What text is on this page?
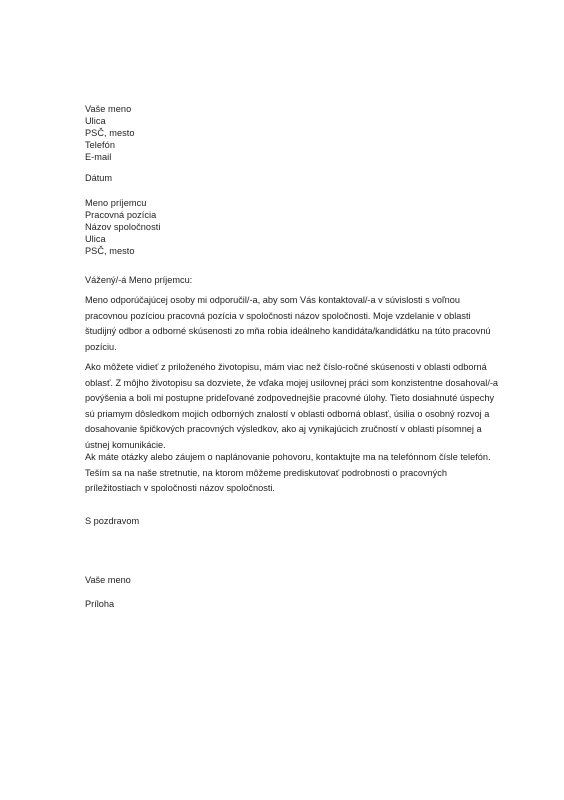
Vaše meno
Ulica
PSČ, mesto
Telefón
E-mail
Dátum
Meno príjemcu
Pracovná pozícia
Názov spoločnosti
Ulica
PSČ, mesto
Vážený/-á Meno príjemcu:
Meno odporúčajúcej osoby mi odporučil/-a, aby som Vás kontaktoval/-a v súvislosti s voľnou
pracovnou pozíciou pracovná pozícia v spoločnosti názov spoločnosti. Moje vzdelanie v oblasti
študijný odbor a odborné skúsenosti zo mňa robia ideálneho kandidáta/kandidátku na túto pracovnú
pozíciu.
Ako môžete vidieť z priloženého životopisu, mám viac než číslo-ročné skúsenosti v oblasti odborná
oblasť. Z môjho životopisu sa dozviete, že vďaka mojej usilovnej práci som konzistentne dosahoval/-a
povýšenia a boli mi postupne prideľované zodpovednejšie pracovné úlohy. Tieto dosiahnuté úspechy
sú priamym dôsledkom mojich odborných znalostí v oblasti odborná oblasť, úsilia o osobný rozvoj a
dosahovanie špičkových pracovných výsledkov, ako aj vynikajúcich zručností v oblasti písomnej a
ústnej komunikácie.
Ak máte otázky alebo záujem o naplánovanie pohovoru, kontaktujte ma na telefónnom čísle telefón.
Teším sa na naše stretnutie, na ktorom môžeme prediskutovať podrobnosti o pracovných
príležitostiach v spoločnosti názov spoločnosti.
S pozdravom
Vaše meno
Príloha
